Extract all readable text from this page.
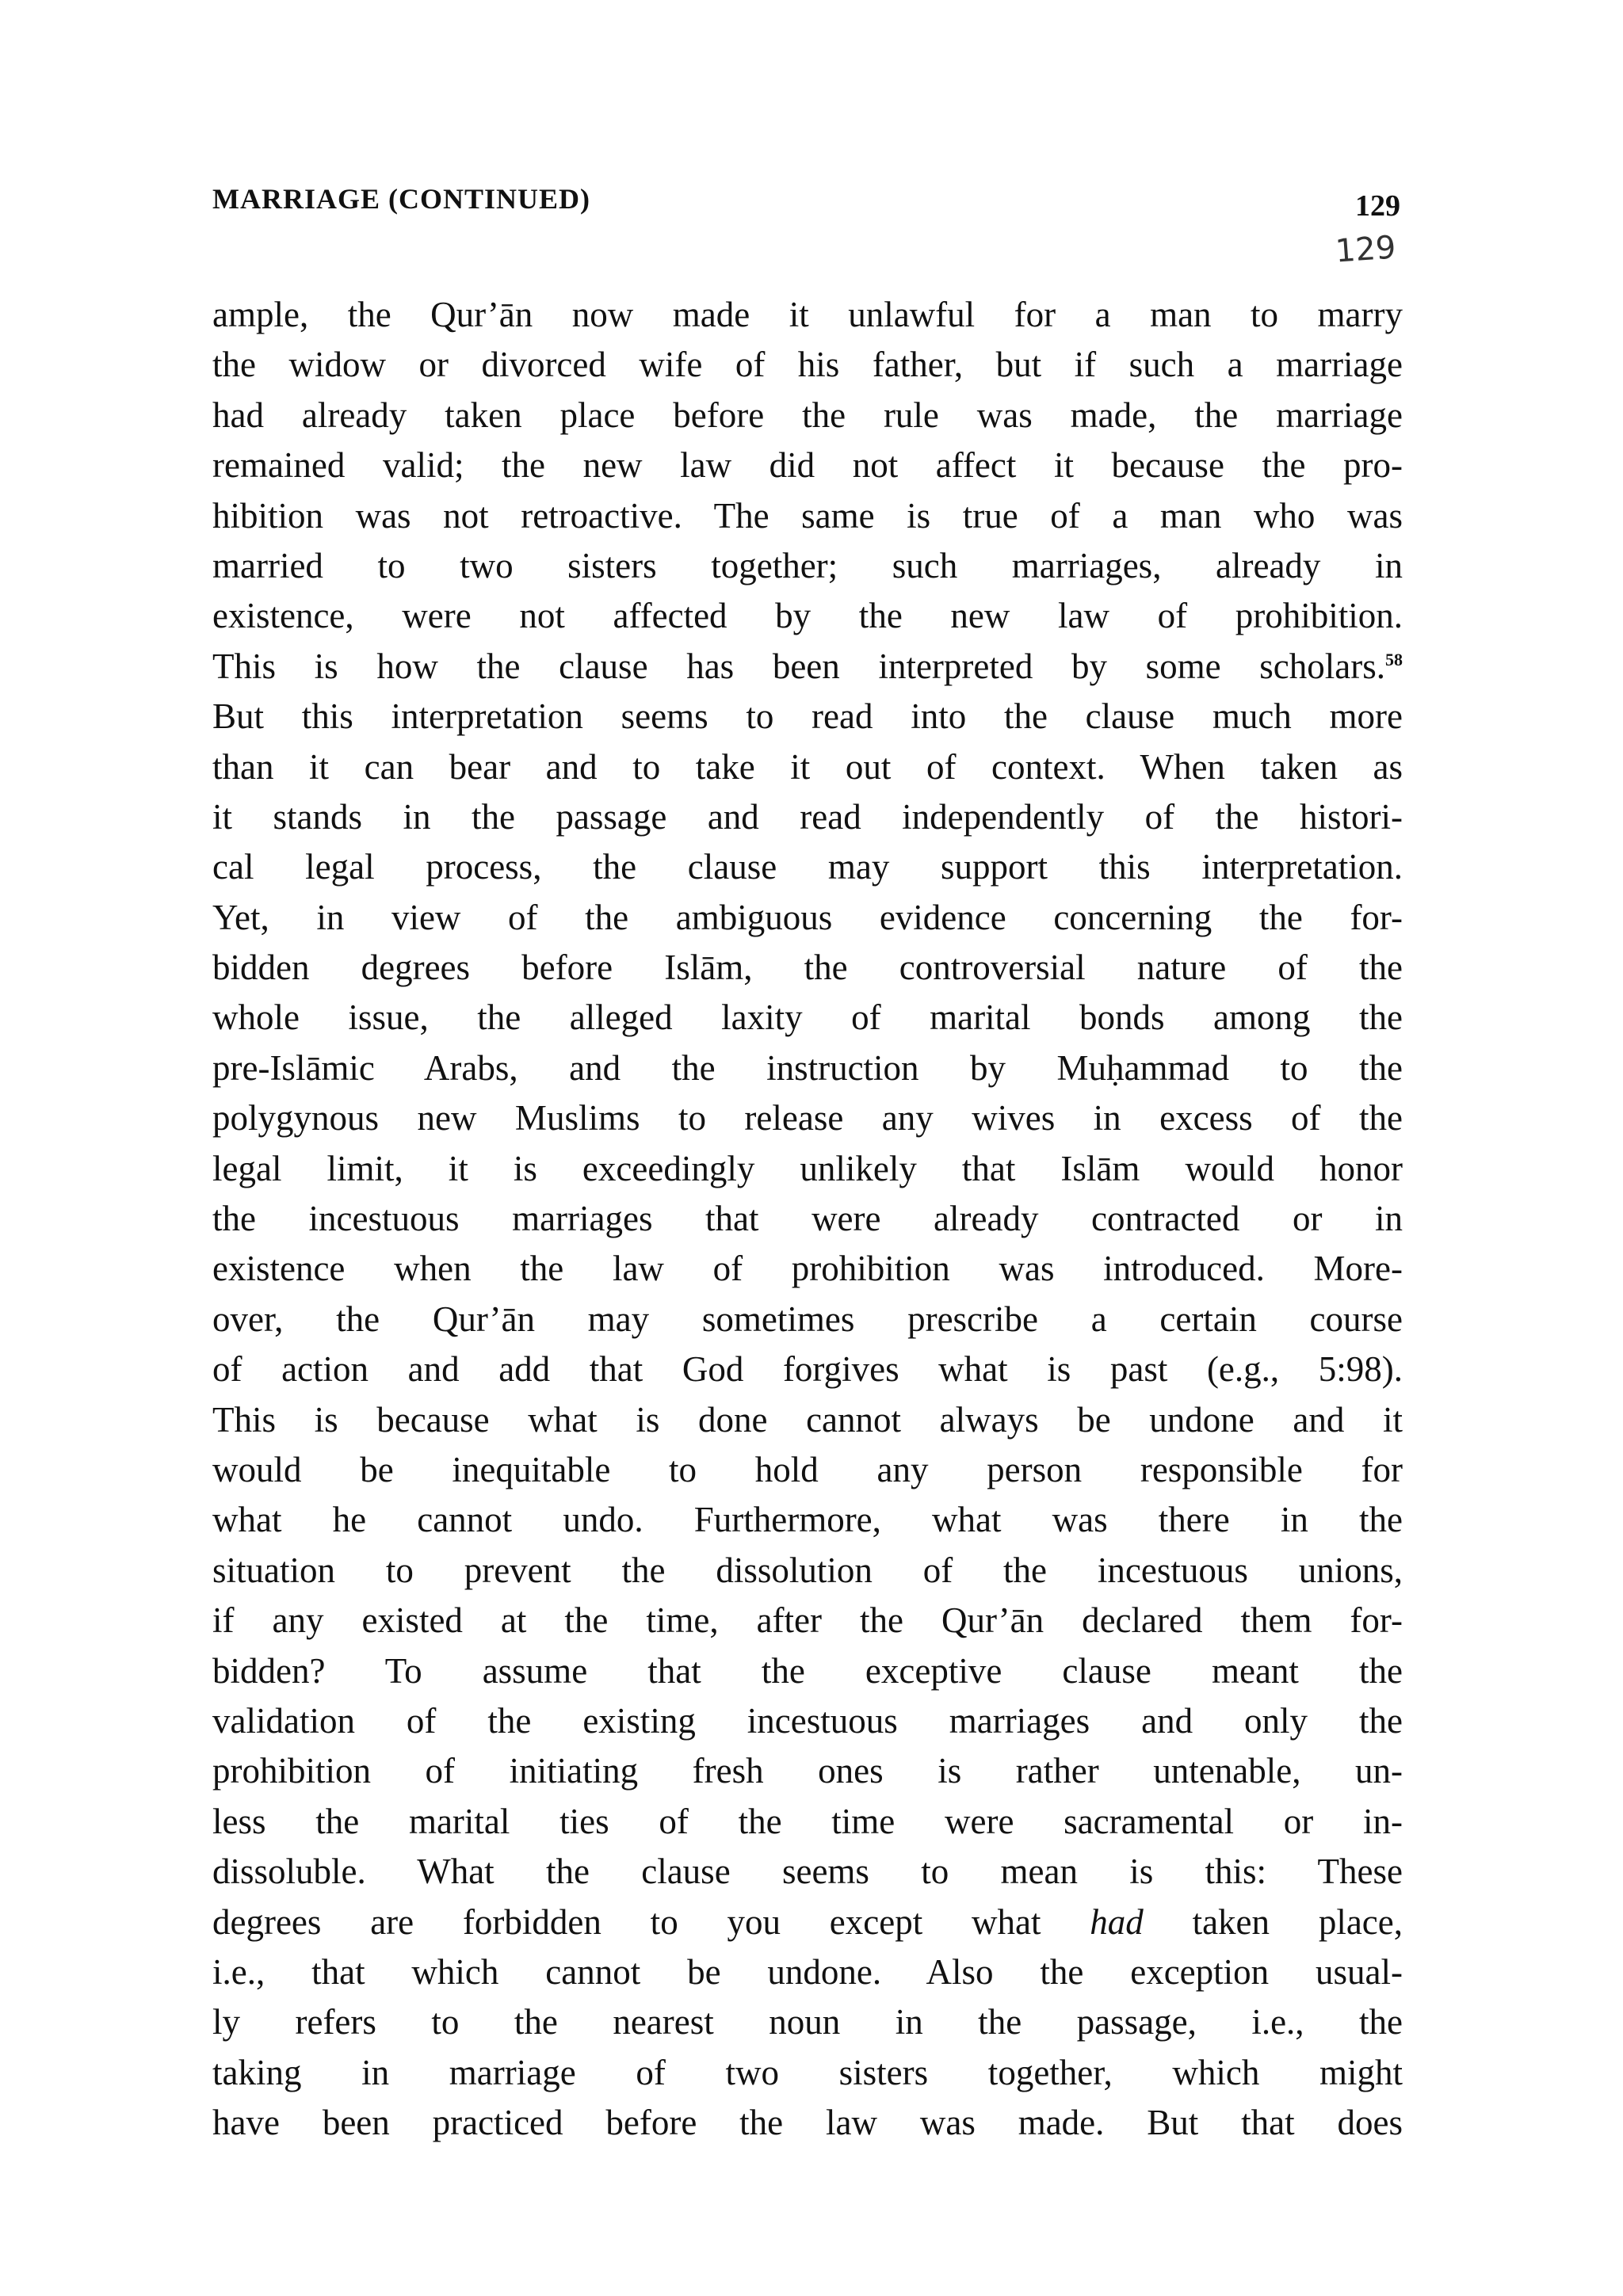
MARRIAGE (CONTINUED)	129
129
ample, the Qur’ān now made it unlawful for a man to marry
the widow or divorced wife of his father, but if such a marriage
had already taken place before the rule was made, the marriage
remained valid; the new law did not affect it because the pro-
hibition was not retroactive. The same is true of a man who was
married to two sisters together; such marriages, already in
existence, were not affected by the new law of prohibition.
This is how the clause has been interpreted by some scholars.$^{58}$
But this interpretation seems to read into the clause much more
than it can bear and to take it out of context. When taken as
it stands in the passage and read independently of the histori-
cal legal process, the clause may support this interpretation.
Yet, in view of the ambiguous evidence concerning the for-
bidden degrees before Islām, the controversial nature of the
whole issue, the alleged laxity of marital bonds among the
pre-Islāmic Arabs, and the instruction by Muḥammad to the
polygynous new Muslims to release any wives in excess of the
legal limit, it is exceedingly unlikely that Islām would honor
the incestuous marriages that were already contracted or in
existence when the law of prohibition was introduced. More-
over, the Qur’ān may sometimes prescribe a certain course
of action and add that God forgives what is past (e.g., 5:98).
This is because what is done cannot always be undone and it
would be inequitable to hold any person responsible for
what he cannot undo. Furthermore, what was there in the
situation to prevent the dissolution of the incestuous unions,
if any existed at the time, after the Qur’ān declared them for-
bidden? To assume that the exceptive clause meant the
validation of the existing incestuous marriages and only the
prohibition of initiating fresh ones is rather untenable, un-
less the marital ties of the time were sacramental or in-
dissoluble. What the clause seems to mean is this: These
degrees are forbidden to you except what had taken place,
i.e., that which cannot be undone. Also the exception usual-
ly refers to the nearest noun in the passage, i.e., the
taking in marriage of two sisters together, which might
have been practiced before the law was made. But that does
